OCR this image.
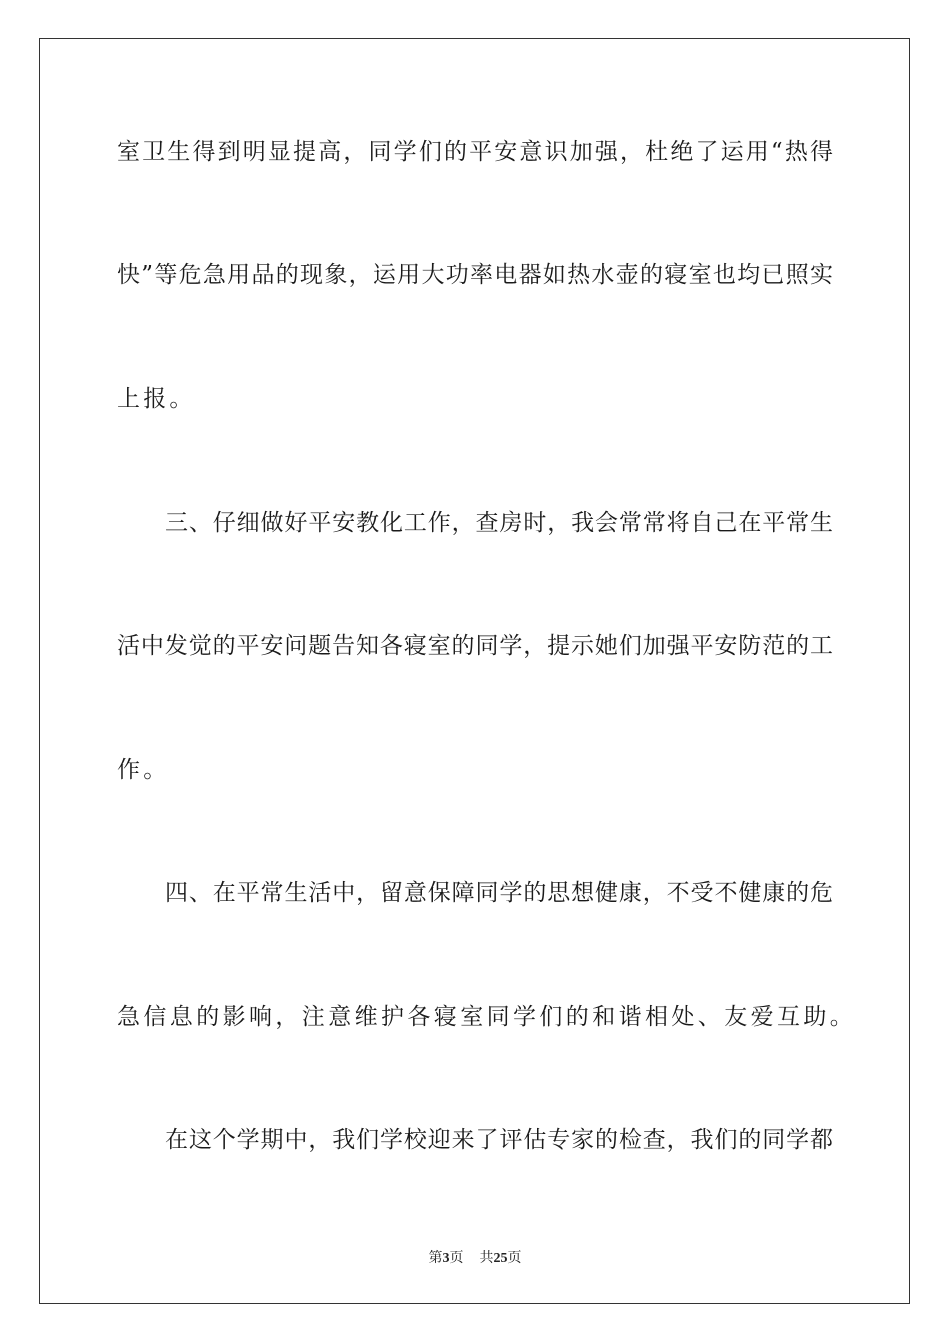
室卫生得到明显提高，同学们的平安意识加强，杜绝了运用“热得
快”等危急用品的现象，运用大功率电器如热水壶的寝室也均已照实
上报。
三、仔细做好平安教化工作，查房时，我会常常将自己在平常生
活中发觉的平安问题告知各寝室的同学，提示她们加强平安防范的工
作。
四、在平常生活中，留意保障同学的思想健康，不受不健康的危
急信息的影响，注意维护各寝室同学们的和谐相处、友爱互助。
在这个学期中，我们学校迎来了评估专家的检查，我们的同学都
第3页 共25页
